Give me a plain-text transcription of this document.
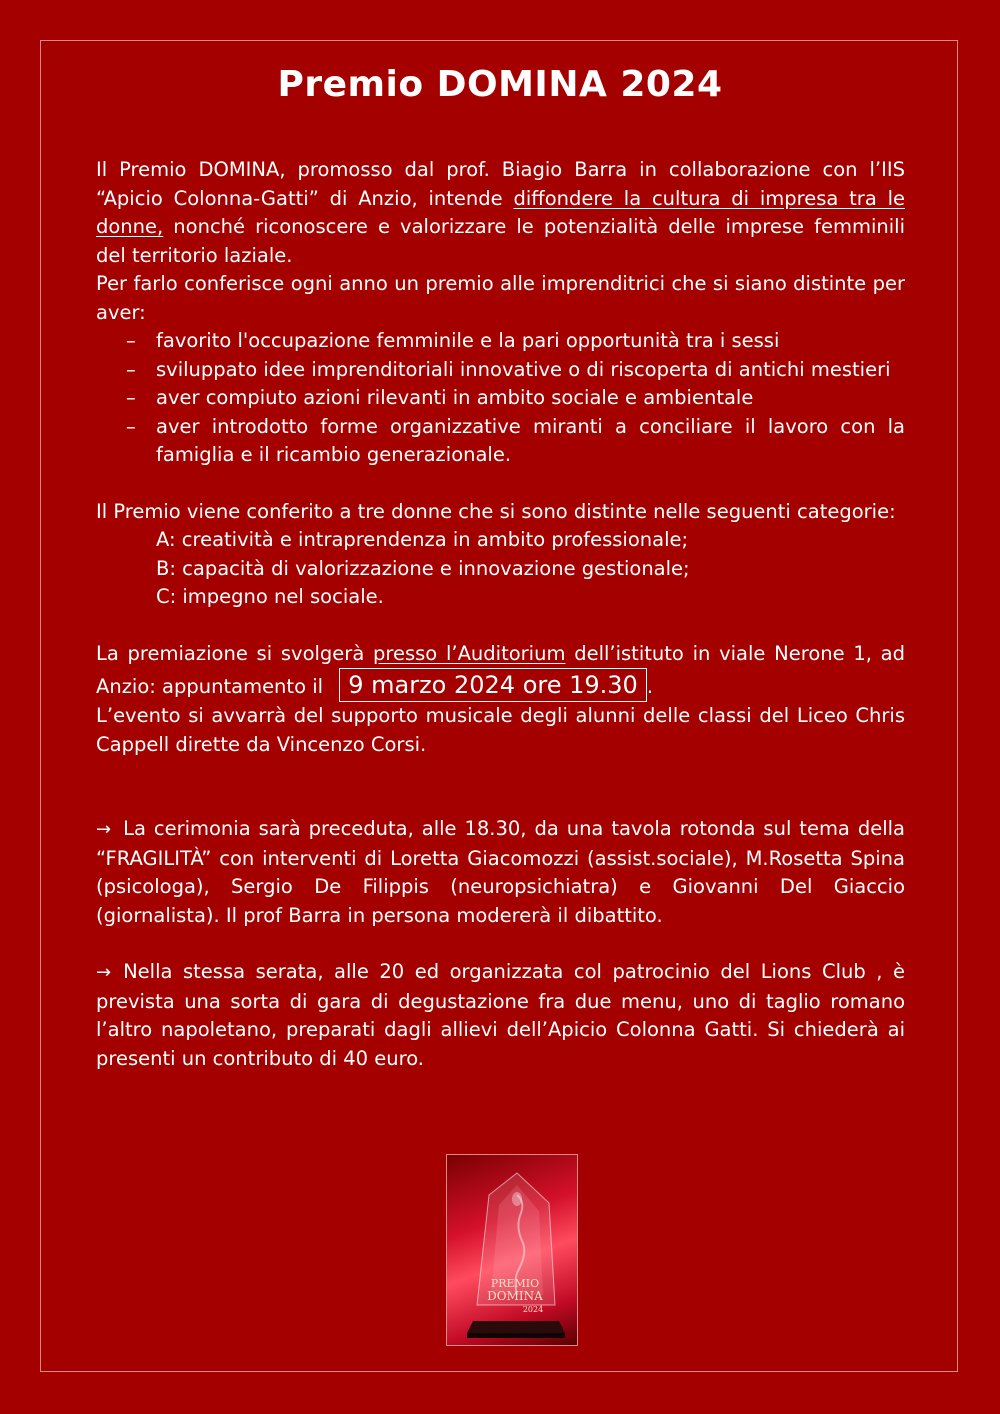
Premio DOMINA 2024

Il Premio DOMINA, promosso dal prof. Biagio Barra in collaborazione con l’IIS “Apicio Colonna-Gatti” di Anzio, intende diffondere la cultura di impresa tra le donne, nonché riconoscere e valorizzare le potenzialità delle imprese femminili del territorio laziale.

Per farlo conferisce ogni anno un premio alle imprenditrici che si siano distinte per aver:

– favorito l'occupazione femminile e la pari opportunità tra i sessi
– sviluppato idee imprenditoriali innovative o di riscoperta di antichi mestieri
– aver compiuto azioni rilevanti in ambito sociale e ambientale
– aver introdotto forme organizzative miranti a conciliare il lavoro con la famiglia e il ricambio generazionale.

Il Premio viene conferito a tre donne che si sono distinte nelle seguenti categorie:

A: creatività e intraprendenza in ambito professionale;
B: capacità di valorizzazione e innovazione gestionale;
C: impegno nel sociale.

La premiazione si svolgerà presso l’Auditorium dell’istituto in viale Nerone 1, ad Anzio: appuntamento il 9 marzo 2024 ore 19.30 .

L’evento si avvarrà del supporto musicale degli alunni delle classi del Liceo Chris Cappell dirette da Vincenzo Corsi.

→ La cerimonia sarà preceduta, alle 18.30, da una tavola rotonda sul tema della “FRAGILITÀ” con interventi di Loretta Giacomozzi (assist.sociale), M.Rosetta Spina (psicologa), Sergio De Filippis (neuropsichiatra) e Giovanni Del Giaccio (giornalista). Il prof Barra in persona modererà il dibattito.

→ Nella stessa serata, alle 20 ed organizzata col patrocinio del Lions Club , è prevista una sorta di gara di degustazione fra due menu, uno di taglio romano l’altro napoletano, preparati dagli allievi dell’Apicio Colonna Gatti. Si chiederà ai presenti un contributo di 40 euro.

PREMIO
DOMINA
2024
